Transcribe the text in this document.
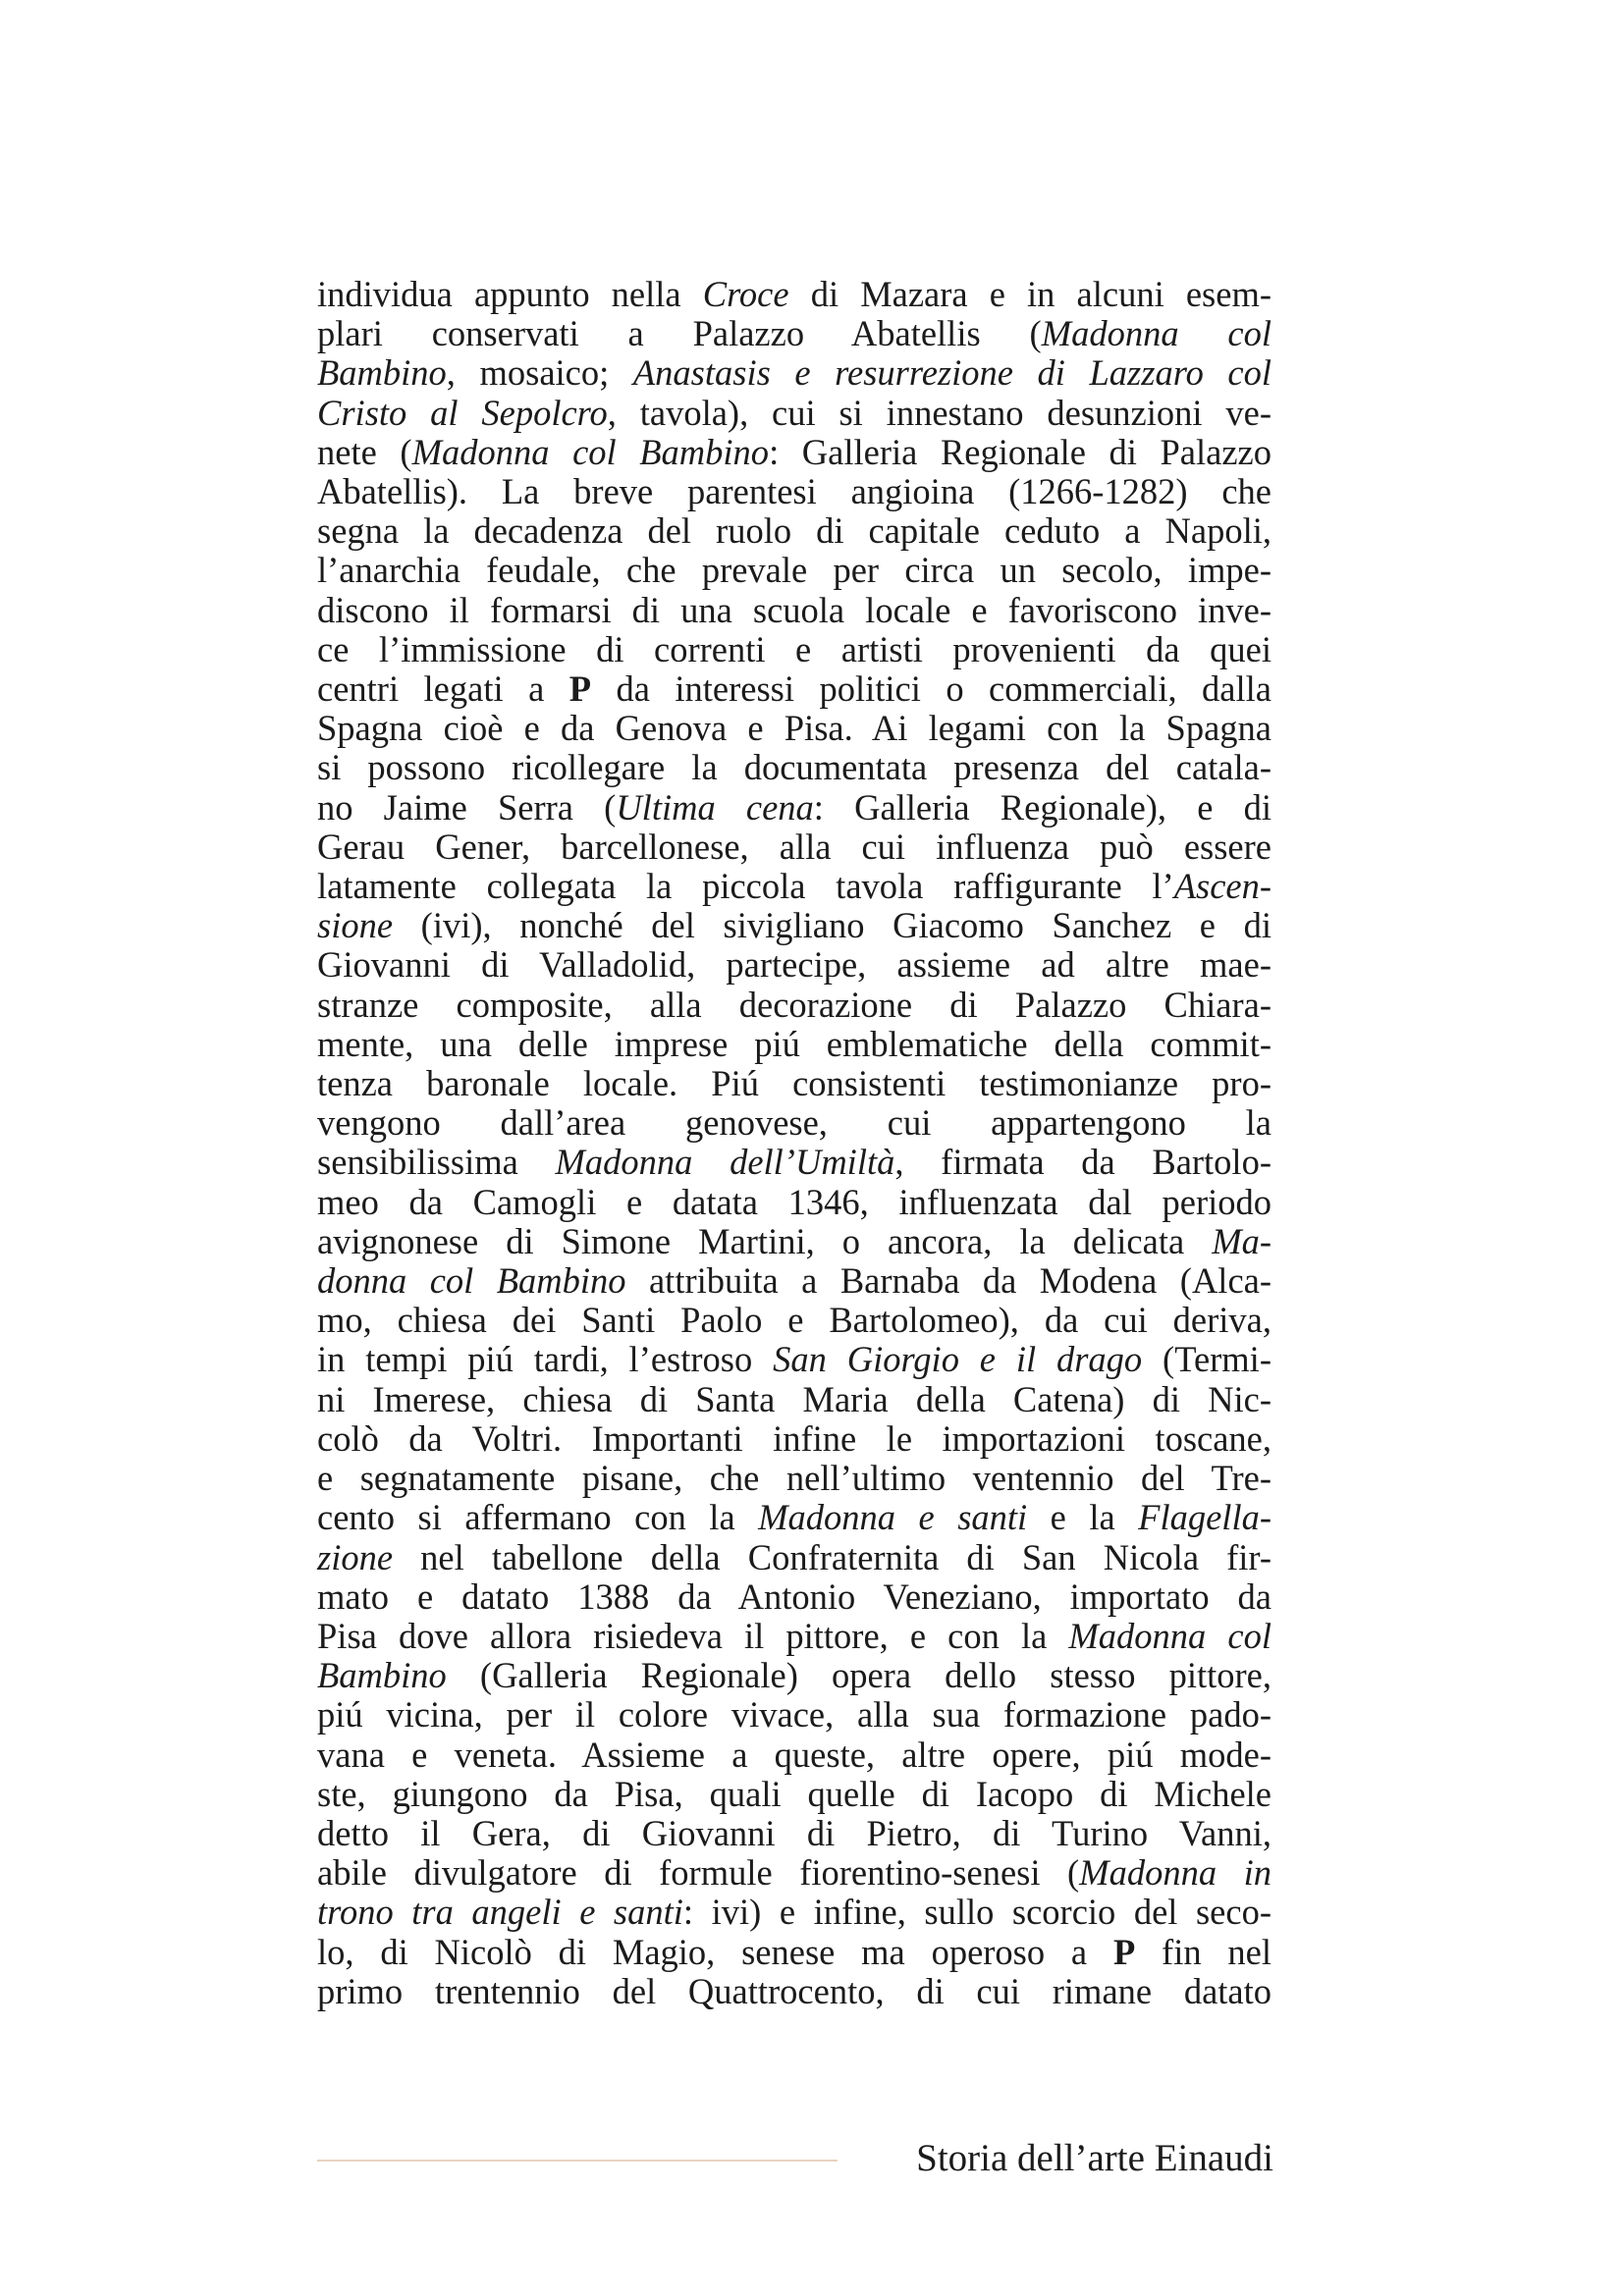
individua appunto nella Croce di Mazara e in alcuni esem-
plari conservati a Palazzo Abatellis (Madonna col
Bambino, mosaico; Anastasis e resurrezione di Lazzaro col
Cristo al Sepolcro, tavola), cui si innestano desunzioni ve-
nete (Madonna col Bambino: Galleria Regionale di Palazzo
Abatellis). La breve parentesi angioina (1266-1282) che
segna la decadenza del ruolo di capitale ceduto a Napoli,
l’anarchia feudale, che prevale per circa un secolo, impe-
discono il formarsi di una scuola locale e favoriscono inve-
ce l’immissione di correnti e artisti provenienti da quei
centri legati a P da interessi politici o commerciali, dalla
Spagna cioè e da Genova e Pisa. Ai legami con la Spagna
si possono ricollegare la documentata presenza del catala-
no Jaime Serra (Ultima cena: Galleria Regionale), e di
Gerau Gener, barcellonese, alla cui influenza può essere
latamente collegata la piccola tavola raffigurante l’Ascen-
sione (ivi), nonché del sivigliano Giacomo Sanchez e di
Giovanni di Valladolid, partecipe, assieme ad altre mae-
stranze composite, alla decorazione di Palazzo Chiara-
mente, una delle imprese piú emblematiche della commit-
tenza baronale locale. Piú consistenti testimonianze pro-
vengono dall’area genovese, cui appartengono la
sensibilissima Madonna dell’Umiltà, firmata da Bartolo-
meo da Camogli e datata 1346, influenzata dal periodo
avignonese di Simone Martini, o ancora, la delicata Ma-
donna col Bambino attribuita a Barnaba da Modena (Alca-
mo, chiesa dei Santi Paolo e Bartolomeo), da cui deriva,
in tempi piú tardi, l’estroso San Giorgio e il drago (Termi-
ni Imerese, chiesa di Santa Maria della Catena) di Nic-
colò da Voltri. Importanti infine le importazioni toscane,
e segnatamente pisane, che nell’ultimo ventennio del Tre-
cento si affermano con la Madonna e santi e la Flagella-
zione nel tabellone della Confraternita di San Nicola fir-
mato e datato 1388 da Antonio Veneziano, importato da
Pisa dove allora risiedeva il pittore, e con la Madonna col
Bambino (Galleria Regionale) opera dello stesso pittore,
piú vicina, per il colore vivace, alla sua formazione pado-
vana e veneta. Assieme a queste, altre opere, piú mode-
ste, giungono da Pisa, quali quelle di Iacopo di Michele
detto il Gera, di Giovanni di Pietro, di Turino Vanni,
abile divulgatore di formule fiorentino-senesi (Madonna in
trono tra angeli e santi: ivi) e infine, sullo scorcio del seco-
lo, di Nicolò di Magio, senese ma operoso a P fin nel
primo trentennio del Quattrocento, di cui rimane datato
Storia dell’arte Einaudi
